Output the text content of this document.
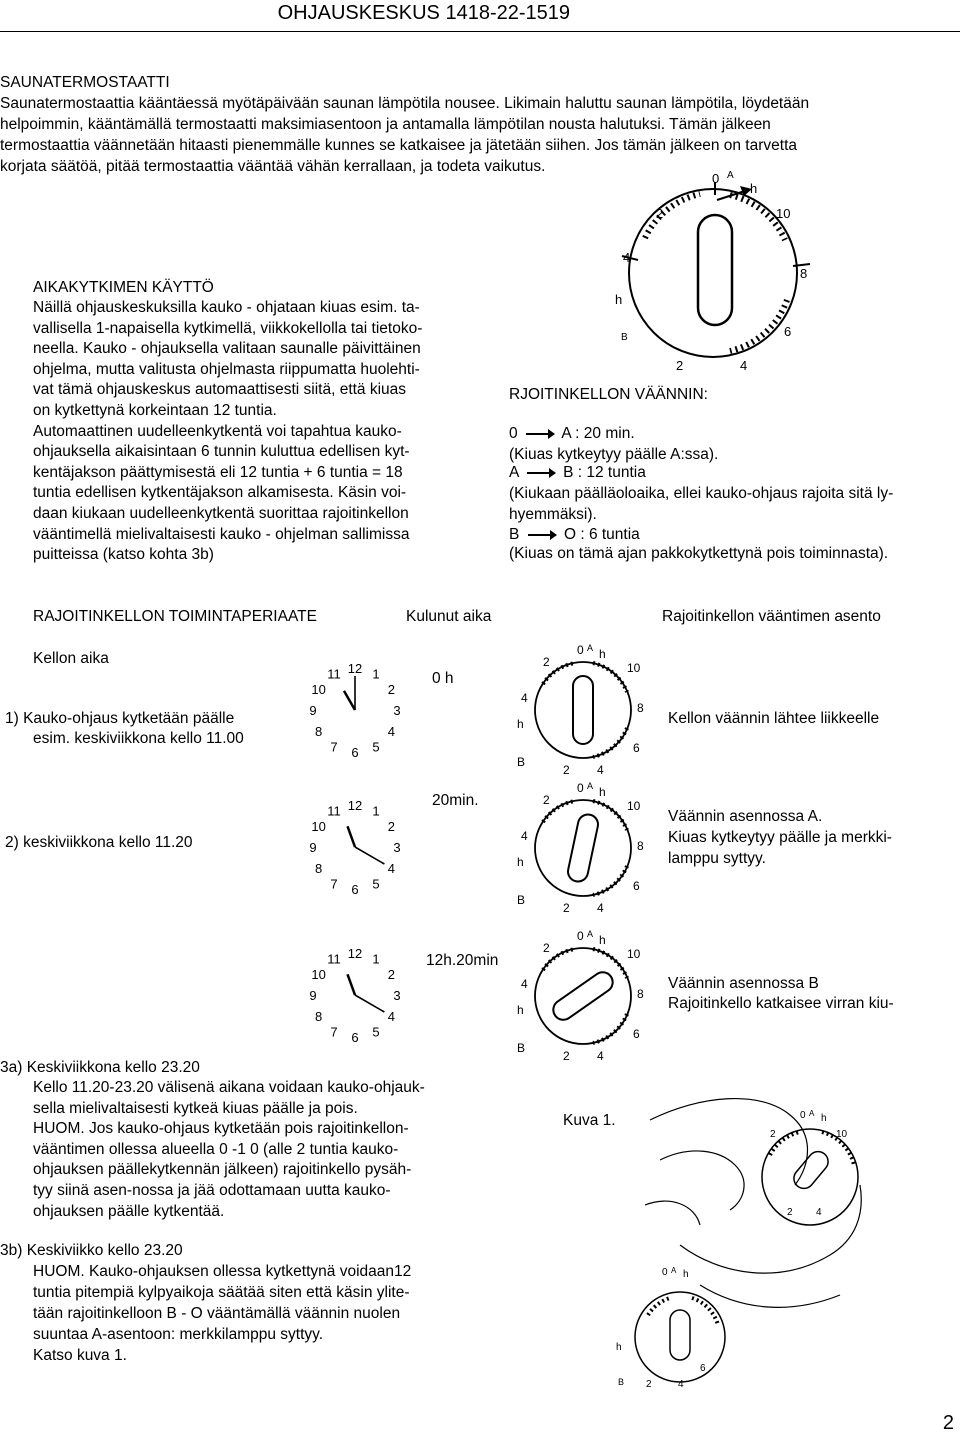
OHJAUSKESKUS 1418-22-1519
SAUNATERMOSTAATTI
Saunatermostaattia kääntäessä myötäpäivään saunan lämpötila nousee. Likimain haluttu saunan lämpötila, löydetään
helpoimmin, kääntämällä termostaatti maksimiasentoon ja antamalla lämpötilan nousta halutuksi. Tämän jälkeen
termostaattia väännetään hitaasti pienemmälle kunnes se katkaisee ja jätetään siihen. Jos tämän jälkeen on tarvetta
korjata säätöä, pitää termostaattia vääntää vähän kerrallaan, ja todeta vaikutus.
AIKAKYTKIMEN KÄYTTÖ
Näillä ohjauskeskuksilla kauko - ohjataan kiuas esim. ta-
vallisella 1-napaisella kytkimellä, viikkokellolla tai tietoko-
neella. Kauko - ohjauksella valitaan saunalle päivittäinen
ohjelma, mutta valitusta ohjelmasta riippumatta huolehti-
vat tämä ohjauskeskus automaattisesti siitä, että kiuas
on kytkettynä korkeintaan 12 tuntia.
Automaattinen uudelleenkytkentä voi tapahtua kauko-
ohjauksella aikaisintaan 6 tunnin kuluttua edellisen kyt-
kentäjakson päättymisestä eli 12 tuntia + 6 tuntia = 18
tuntia edellisen kytkentäjakson alkamisesta. Käsin voi-
daan kiukaan uudelleenkytkentä suorittaa rajoitinkellon
vääntimellä mielivaltaisesti kauko - ohjelman sallimissa
puitteissa (katso kohta 3b)
0 A
h
2	10
4
8
h
B	6
2	4
RJOITINKELLON VÄÄNNIN:
0	A : 20 min.
(Kiuas kytkeytyy päälle A:ssa).
A	B : 12 tuntia
(Kiukaan päälläoloaika, ellei kauko-ohjaus rajoita sitä ly-
hyemmäksi).
B	O : 6 tuntia
(Kiuas on tämä ajan pakkokytkettynä pois toiminnasta).
RAJOITINKELLON TOIMINTAPERIAATE	Kulunut aika	Rajoitinkellon vääntimen asento
Kellon aika
1) Kauko-ohjaus kytketään päälle
esim. keskiviikkona kello 11.00
12 1
2
3
4
5
6
7
8
9
10
11	0 h
0 A h
2	10
4
8
h
6
B
2 4
Kellon väännin lähtee liikkeelle
2) keskiviikkona kello 11.20
12 1
2
3
4
5
6
7
8
9
10
11
20min.
0 A h
2	10
4
8
h
6
B
2 4
Väännin asennossa A.
Kiuas kytkeytyy päälle ja merkki-
lamppu syttyy.
12 1
2
3
4
5
6
7
8
9
10
11	12h.20min
0 A h
2	10
4
8
h
6
B
2 4
Väännin asennossa B
Rajoitinkello katkaisee virran kiu-
3a) Keskiviikkona kello 23.20
Kello 11.20-23.20 välisenä aikana voidaan kauko-ohjauk-
sella mielivaltaisesti kytkeä kiuas päälle ja pois.
HUOM. Jos kauko-ohjaus kytketään pois rajoitinkellon-
vääntimen ollessa alueella 0 -1 0 (alle 2 tuntia kauko-
ohjauksen päällekytkennän jälkeen) rajoitinkello pysäh-
tyy siinä asen-nossa ja jää odottamaan uutta kauko-
ohjauksen päälle kytkentää.
3b) Keskiviikko kello 23.20
HUOM. Kauko-ohjauksen ollessa kytkettynä voidaan12
tuntia pitempiä kylpyaikoja säätää siten että käsin ylite-
tään rajoitinkelloon B - O vääntämällä väännin nuolen
suuntaa A-asentoon: merkkilamppu syttyy.
Katso kuva 1.
Kuva 1.	0 A h
2	10
2 4
0 A h
h
B 2	4
6
2
